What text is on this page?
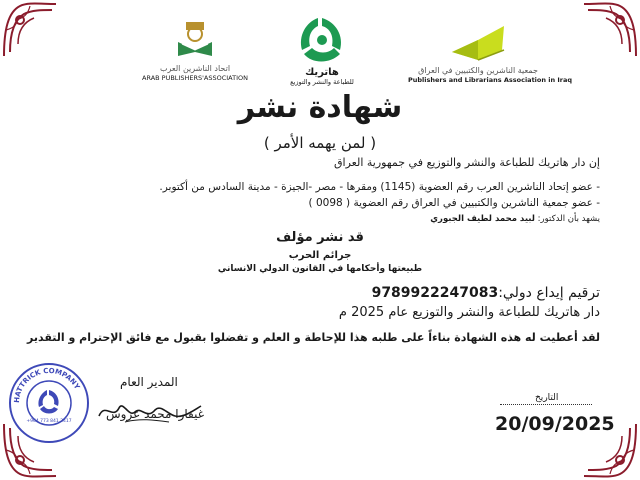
اتحاد الناشرين العرب
ARAB PUBLISHERS'ASSOCIATION	هاتريك
للطباعة والنشر والتوزيع
جمعية الناشرين والكتبيين في العراق
Publishers and Librarians Association in Iraq
شهادة نشر
( لمن يهمه الأمر )
إن دار هاتريك للطباعة والنشر والتوزيع في جمهورية العراق
- عضو إتحاد الناشرين العرب رقم العضوية (1145) ومقرها - مصر -الجيزة - مدينة السادس من أكتوبر.
- عضو جمعية الناشرين والكتبيين في العراق رقم العضوية ( 0098 )
يشهد بأن الدكتور: لبيد محمد لطيف الجبوري
قد نشر مؤلف
جرائم الحرب
طبيعتها وأحكامها في القانون الدولي الانساني
ترقيم إيداع دولي:9789922247083
دار هاتريك للطباعة والنشر والتوزيع عام 2025 م
لقد أعطيت له هذه الشهادة بناءاً على طلبه هذا للإحاطة و العلم و تفضلوا بقبول مع فائق الإحترام و التقدير
HATTRICK COMPANY
+964 773 841 2417
المدير العام
غيفارا محمد عروس
التاريخ
20/09/2025
